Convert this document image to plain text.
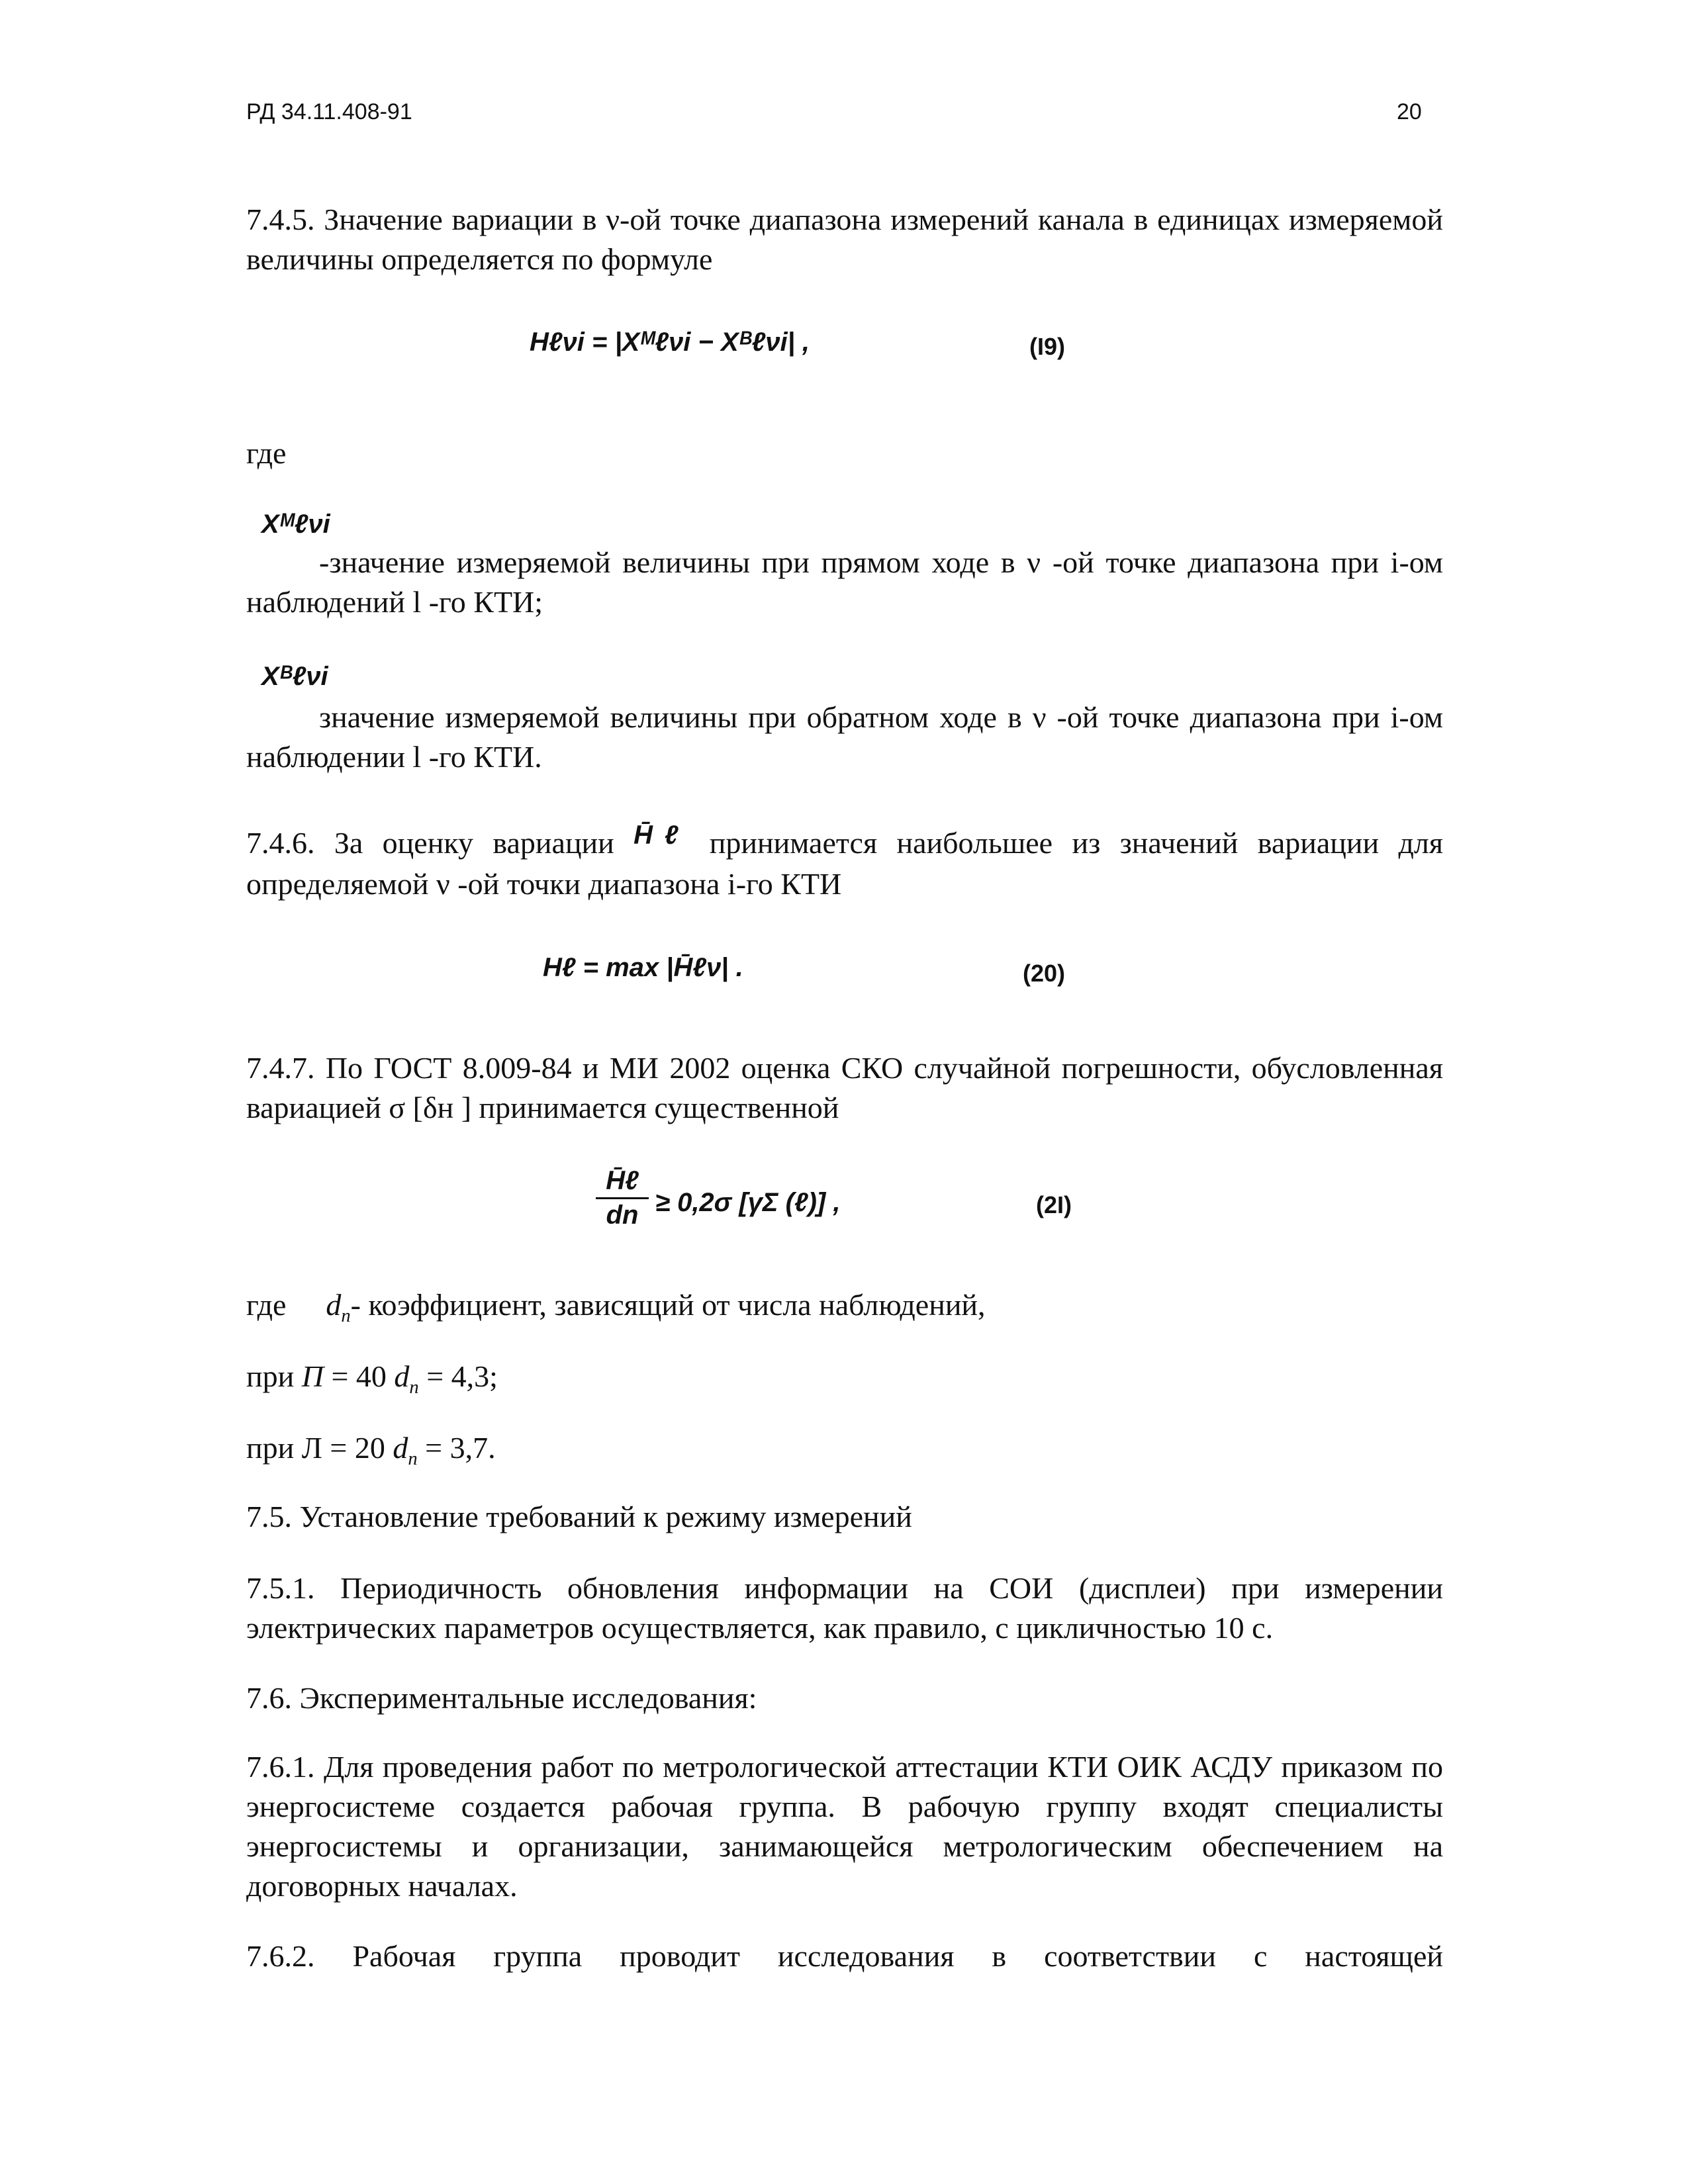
РД 34.11.408-91	20
7.4.5. Значение вариации в ν-ой точке диапазона измерений канала в единицах измеряемой величины определяется по формуле
Hℓνi = |Xᴹℓνi − Xᴮℓνi| ,	(I9)
где
Xᴹℓνi
-значение измеряемой величины при прямом ходе в ν -ой точке диапазона при i-ом наблюдений l -го КТИ;
Xᴮℓνi
значение измеряемой величины при обратном ходе в ν -ой точке диапазона при i-ом наблюдении l -го КТИ.
7.4.6. За оценку вариации H̄ℓ принимается наибольшее из значений вариации для определяемой ν -ой точки диапазона i-го КТИ
Hℓ = max |H̄ℓν| .	(20)
7.4.7. По ГОСТ 8.009-84 и МИ 2002 оценка СКО случайной погрешности, обусловленная вариацией σ [δн ] принимается существенной
H̄ℓ
dn ≥ 0,2σ [γΣ (ℓ)] ,	(2I)
где $d_n-$ коэффициент, зависящий от числа наблюдений,
при П = 40 $d_n = 4,3$;
при Л = 20 $d_n = 3,7$.
7.5. Установление требований к режиму измерений
7.5.1. Периодичность обновления информации на СОИ (дисплеи) при измерении электрических параметров осуществляется, как правило, с цикличностью 10 с.
7.6. Экспериментальные исследования:
7.6.1. Для проведения работ по метрологической аттестации КТИ ОИК АСДУ приказом по энергосистеме создается рабочая группа. В рабочую группу входят специалисты энергосистемы и организации, занимающейся метрологическим обеспечением на договорных началах.
7.6.2. Рабочая группа проводит исследования в соответствии с настоящей
